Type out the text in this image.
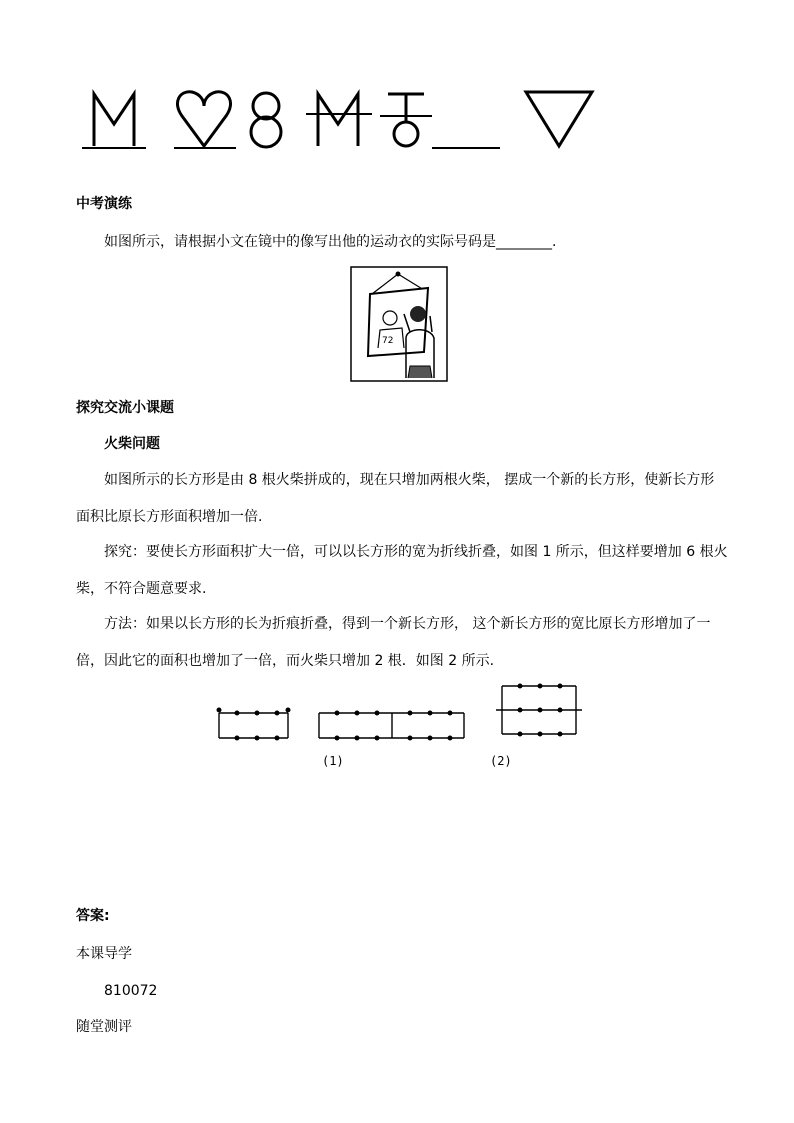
中考演练
如图所示，请根据小文在镜中的像写出他的运动衣的实际号码是________.
72
探究交流小课题
火柴问题
如图所示的长方形是由 8 根火柴拼成的，现在只增加两根火柴， 摆成一个新的长方形，使新长方形
面积比原长方形面积增加一倍.
探究：要使长方形面积扩大一倍，可以以长方形的宽为折线折叠，如图 1 所示，但这样要增加 6 根火
柴，不符合题意要求.
方法：如果以长方形的长为折痕折叠，得到一个新长方形， 这个新长方形的宽比原长方形增加了一
倍，因此它的面积也增加了一倍，而火柴只增加 2 根．如图 2 所示.
(1)	(2)
答案:
本课导学
810072
随堂测评
